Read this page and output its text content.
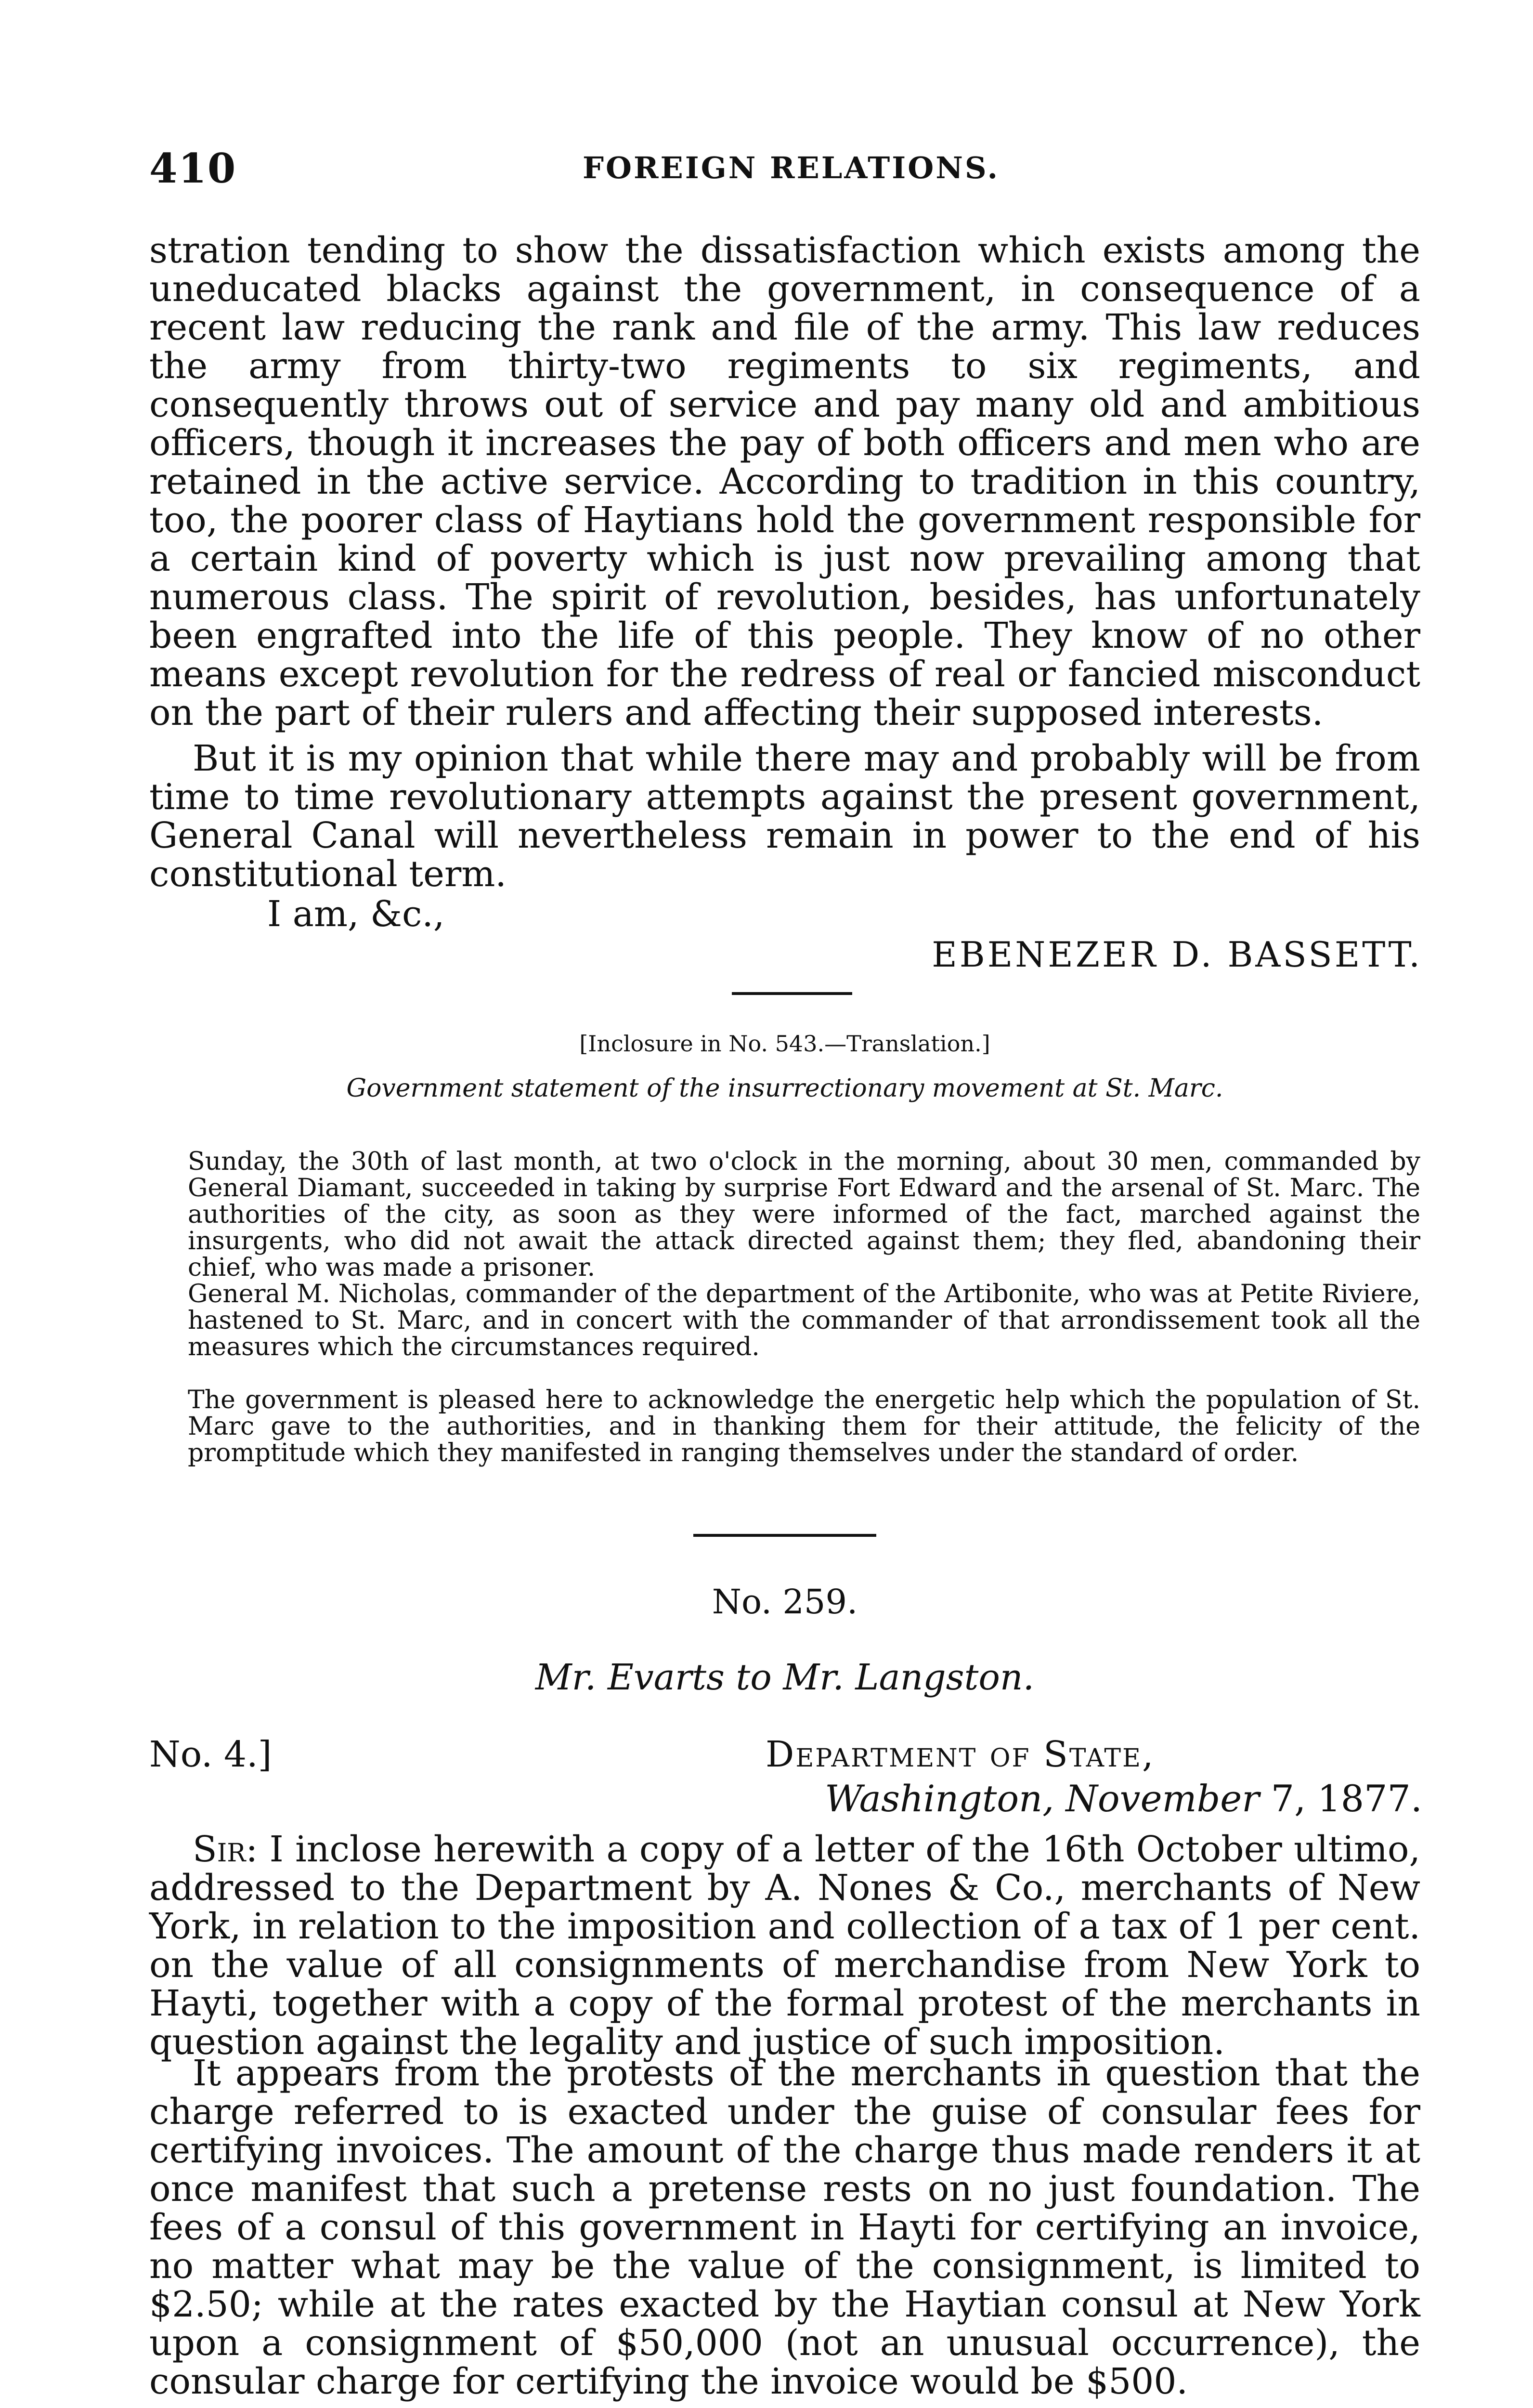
410	FOREIGN RELATIONS.

stration tending to show the dissatisfaction which exists among the uneducated blacks against the government, in consequence of a recent law reducing the rank and file of the army. This law reduces the army from thirty-two regiments to six regiments, and consequently throws out of service and pay many old and ambitious officers, though it increases the pay of both officers and men who are retained in the active service. According to tradition in this country, too, the poorer class of Haytians hold the government responsible for a certain kind of poverty which is just now prevailing among that numerous class. The spirit of revolution, besides, has unfortunately been engrafted into the life of this people. They know of no other means except revolution for the redress of real or fancied misconduct on the part of their rulers and affecting their supposed interests.

But it is my opinion that while there may and probably will be from time to time revolutionary attempts against the present government, General Canal will nevertheless remain in power to the end of his constitutional term.

I am, &c.,
EBENEZER D. BASSETT.
[Inclosure in No. 543.—Translation.]
Government statement of the insurrectionary movement at St. Marc.

Sunday, the 30th of last month, at two o'clock in the morning, about 30 men, commanded by General Diamant, succeeded in taking by surprise Fort Edward and the arsenal of St. Marc. The authorities of the city, as soon as they were informed of the fact, marched against the insurgents, who did not await the attack directed against them; they fled, abandoning their chief, who was made a prisoner.

General M. Nicholas, commander of the department of the Artibonite, who was at Petite Riviere, hastened to St. Marc, and in concert with the commander of that arrondissement took all the measures which the circumstances required.

The government is pleased here to acknowledge the energetic help which the population of St. Marc gave to the authorities, and in thanking them for their attitude, the felicity of the promptitude which they manifested in ranging themselves under the standard of order.

No. 259.
Mr. Evarts to Mr. Langston.
No. 4.]	Department of State,
Washington, November 7, 1877.

Sir: I inclose herewith a copy of a letter of the 16th October ultimo, addressed to the Department by A. Nones & Co., merchants of New York, in relation to the imposition and collection of a tax of 1 per cent. on the value of all consignments of merchandise from New York to Hayti, together with a copy of the formal protest of the merchants in question against the legality and justice of such imposition.

It appears from the protests of the merchants in question that the charge referred to is exacted under the guise of consular fees for certifying invoices. The amount of the charge thus made renders it at once manifest that such a pretense rests on no just foundation. The fees of a consul of this government in Hayti for certifying an invoice, no matter what may be the value of the consignment, is limited to $2.50; while at the rates exacted by the Haytian consul at New York upon a consignment of $50,000 (not an unusual occurrence), the consular charge for certifying the invoice would be $500.
